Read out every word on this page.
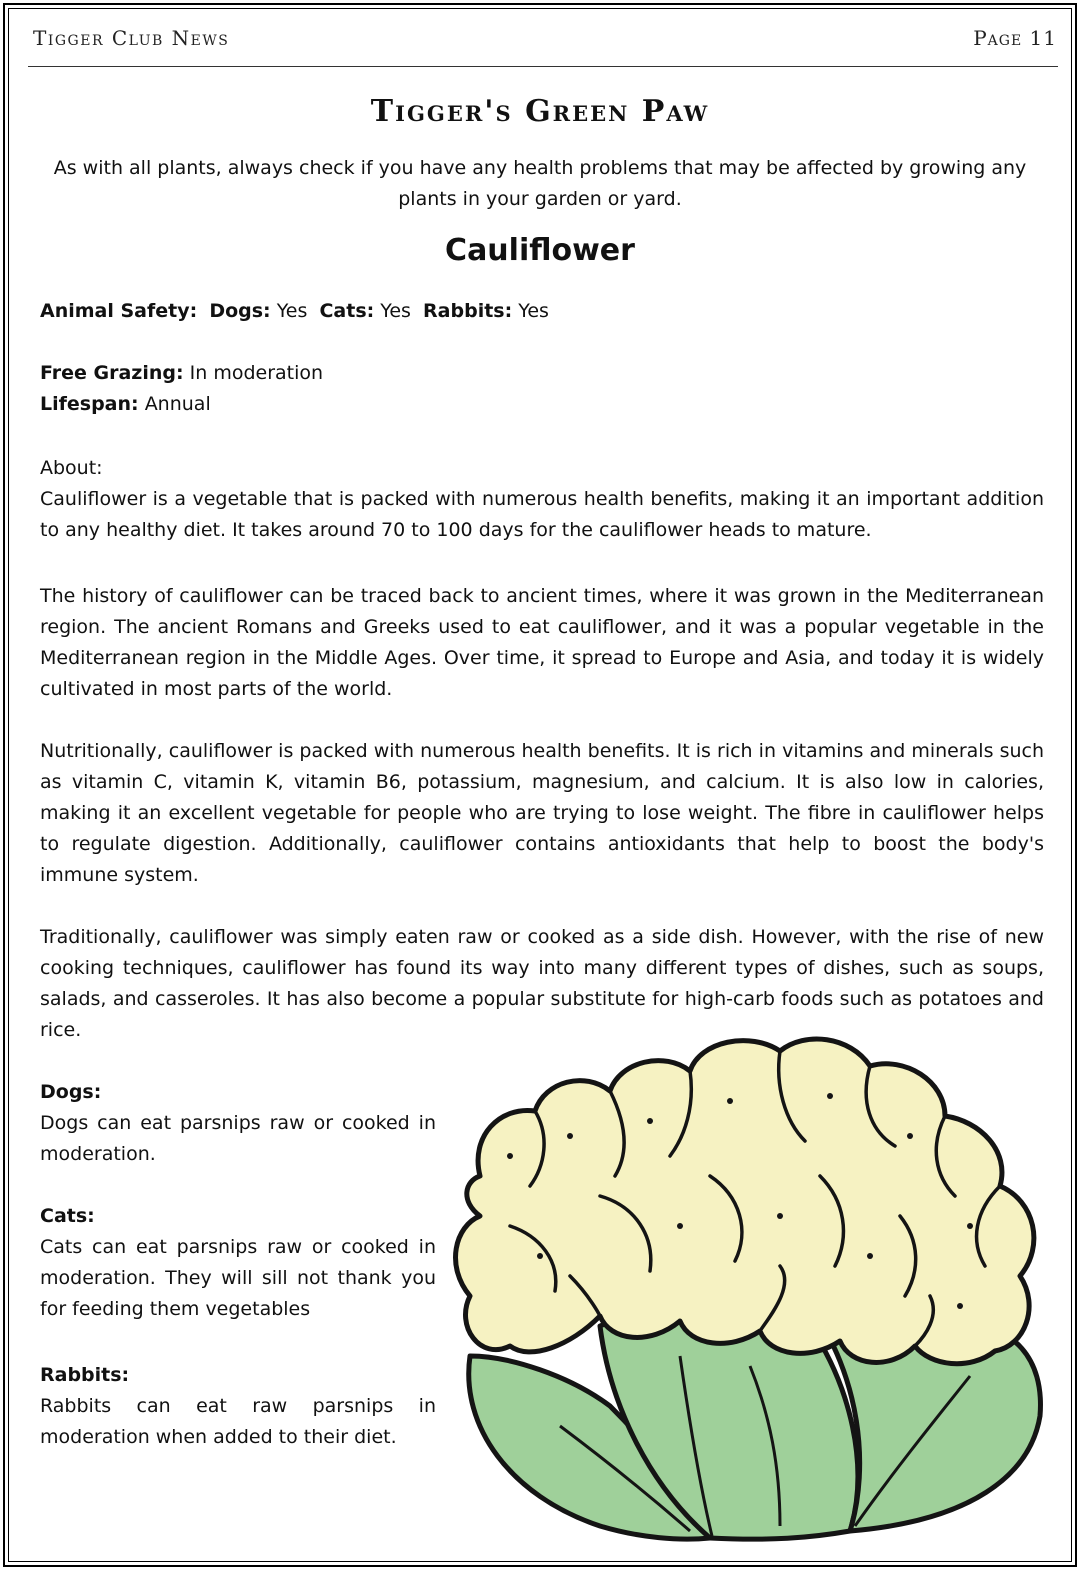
Tigger Club News	Page 11
Tigger's Green Paw
As with all plants, always check if you have any health problems that may be affected by growing any plants in your garden or yard.
Cauliflower
Animal Safety: Dogs: Yes Cats: Yes Rabbits: Yes
Free Grazing: In moderation
Lifespan: Annual
About:

Cauliflower is a vegetable that is packed with numerous health benefits, making it an important addition to any healthy diet. It takes around 70 to 100 days for the cauliflower heads to mature.

The history of cauliflower can be traced back to ancient times, where it was grown in the Mediterranean region. The ancient Romans and Greeks used to eat cauliflower, and it was a popular vegetable in the Mediterranean region in the Middle Ages. Over time, it spread to Europe and Asia, and today it is widely cultivated in most parts of the world.

Nutritionally, cauliflower is packed with numerous health benefits. It is rich in vitamins and minerals such as vitamin C, vitamin K, vitamin B6, potassium, magnesium, and calcium. It is also low in calories, making it an excellent vegetable for people who are trying to lose weight. The fibre in cauliflower helps to regulate digestion. Additionally, cauliflower contains antioxidants that help to boost the body's immune system.

Traditionally, cauliflower was simply eaten raw or cooked as a side dish. However, with the rise of new cooking techniques, cauliflower has found its way into many different types of dishes, such as soups, salads, and casseroles. It has also become a popular substitute for high-carb foods such as potatoes and rice.

Dogs:

Dogs can eat parsnips raw or cooked in moderation.

Cats:

Cats can eat parsnips raw or cooked in moderation. They will sill not thank you for feeding them vegetables

Rabbits:

Rabbits can eat raw parsnips in moderation when added to their diet.
